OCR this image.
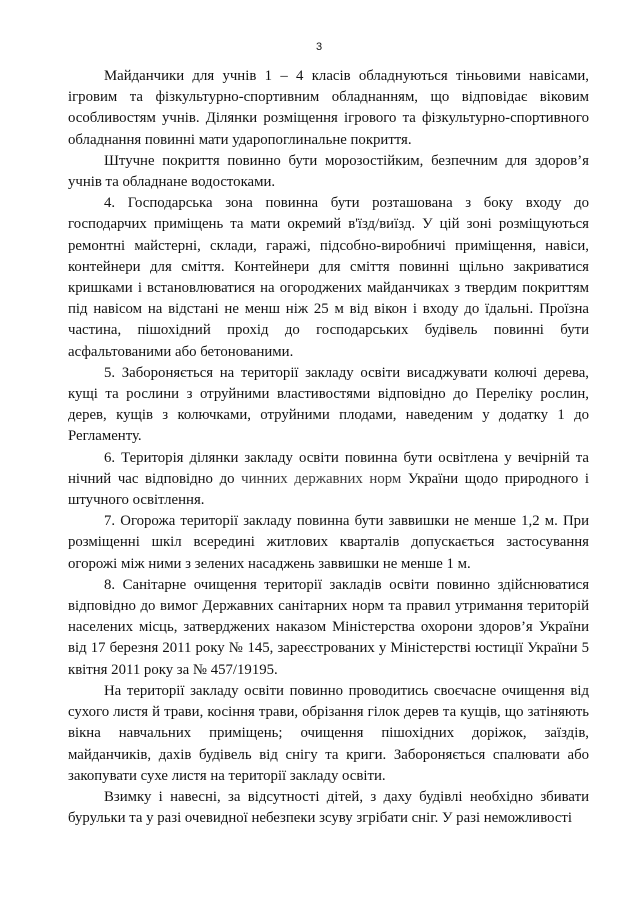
3

Майданчики для учнів 1 – 4 класів обладнуються тіньовими навісами, ігровим та фізкультурно-спортивним обладнанням, що відповідає віковим особливостям учнів. Ділянки розміщення ігрового та фізкультурно-спортивного обладнання повинні мати ударопоглинальне покриття.

Штучне покриття повинно бути морозостійким, безпечним для здоров’я учнів та обладнане водостоками.

4. Господарська зона повинна бути розташована з боку входу до господарчих приміщень та мати окремий в'їзд/виїзд. У цій зоні розміщуються ремонтні майстерні, склади, гаражі, підсобно-виробничі приміщення, навіси, контейнери для сміття. Контейнери для сміття повинні щільно закриватися кришками і встановлюватися на огороджених майданчиках з твердим покриттям під навісом на відстані не менш ніж 25 м від вікон і входу до їдальні. Проїзна частина, пішохідний прохід до господарських будівель повинні бути асфальтованими або бетонованими.

5. Забороняється на території закладу освіти висаджувати колючі дерева, кущі та рослини з отруйними властивостями відповідно до Переліку рослин, дерев, кущів з колючками, отруйними плодами, наведеним у додатку 1 до Регламенту.

6. Територія ділянки закладу освіти повинна бути освітлена у вечірній та нічний час відповідно до чинних державних норм України щодо природного і штучного освітлення.

7. Огорожа території закладу повинна бути заввишки не менше 1,2 м. При розміщенні шкіл всередині житлових кварталів допускається застосування огорожі між ними з зелених насаджень заввишки не менше 1 м.

8. Санітарне очищення території закладів освіти повинно здійснюватися відповідно до вимог Державних санітарних норм та правил утримання територій населених місць, затверджених наказом Міністерства охорони здоров’я України від 17 березня 2011 року № 145, зареєстрованих у Міністерстві юстиції України 5 квітня 2011 року за № 457/19195.

На території закладу освіти повинно проводитись своєчасне очищення від сухого листя й трави, косіння трави, обрізання гілок дерев та кущів, що затіняють вікна навчальних приміщень; очищення пішохідних доріжок, заїздів, майданчиків, дахів будівель від снігу та криги. Забороняється спалювати або закопувати сухе листя на території закладу освіти.

Взимку і навесні, за відсутності дітей, з даху будівлі необхідно збивати бурульки та у разі очевидної небезпеки зсуву згрібати сніг. У разі неможливості
